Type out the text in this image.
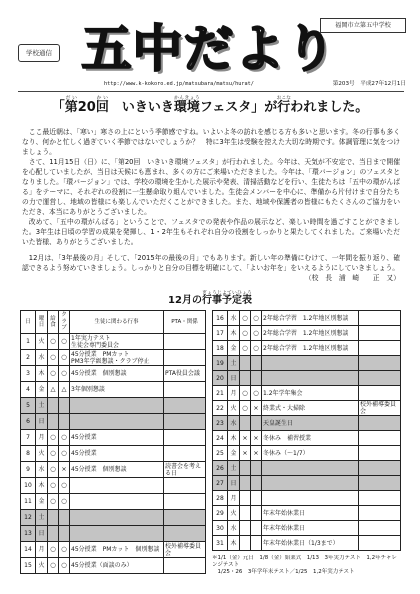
学校通信 五中だより
福岡市立第五中学校
http://www.k-kokoro.ed.jp/matsubara/matsu/hurat/	第203号　平成27年12月1日
「第だい20回かい　いきいき環境かんきょうフェスタ」が行おこなわれました。

ここ最近朝は、「寒い」寒さの上にという季節感ですね。いよいよ冬の訪れを感じる方も多いと思います。冬の行事も多くなり、何かと忙しく過ぎていく季節ではないでしょうか？　特に3年生は受験を控えた大切な時期です。体調管理に気をつけましょう。

さて、11月15日（日）に、「第20回　いきいき環境フェスタ」が行われました。今年は、天気が不安定で、当日まで開催を心配していましたが、当日は天候にも恵まれ、多くの方にご来場いただきました。今年は、「環バージョン」のフェスタとなりました。「環バージョン」では、学校の環境を生かした展示や発表、清掃活動などを行い、生徒たちは「五中の環がんばる」をテーマに、それぞれの役割に一生懸命取り組んでいました。生徒会メンバーを中心に、準備から片付けまで自分たちの力で運営し、地域の皆様にも楽しんでいただくことができました。また、地域や保護者の皆様にもたくさんのご協力をいただき、本当にありがとうございました。

改めて、「五中の環がんばる」ということで、フェスタでの発表や作品の展示など、楽しい時間を過ごすことができました。3年生は日頃の学習の成果を発揮し、1・2年生もそれぞれ自分の役割をしっかりと果たしてくれました。ご来場いただいた皆様、ありがとうございました。

12月は、「3年最後の月」そして、「2015年の最後の月」でもあります。新しい年の準備にむけて、一年間を振り返り、確認できるよう努めていきましょう。しっかりと自分の目標を明確にして、「よいお年を」をいえるようにしていきましょう。
（校　長　浦　崎　　正　又）

12月の行事ぎょうじ予定表よていひょう
日	曜日	給食	クラブ	生徒に関わる行事	PTA・関係
1	火	○	○	1年実力テスト
生徒会専門委員会	
2	水	○	○	45分授業　PMカット
PM3年学級懇談・クラブ停止	
3	木	○	○	45分授業　個別懇談	PTA役員会議
4	金	△	△	3年個別懇談	
5	土				
6	日				
7	月	○	○	45分授業	
8	火	○	○	45分授業	
9	水	○	×	45分授業　個別懇談	読書会を考える日
10	木	○	○		
11	金	○	○		
12	土				
13	日				
14	月	○	○	45分授業　PMカット　個別懇談	校外補導委員会
15	火	○	○	45分授業（面談のみ）	
16	水	○	○	2年総合学習　1.2年地区別懇談	
17	木	○	○	2年総合学習　1.2年地区別懇談	
18	金	○	○	2年総合学習　1.2年地区別懇談	
19	土				
20	日				
21	月	○	○	1.2年学年集会	
22	火	○	×	終業式・大掃除	校外補導委員会
23	水			天皇誕生日	
24	木	×	×	冬休み　補習授業	
25	金	×	×	冬休み（〜1/7）	
26	土				
27	日				
28	月				
29	火			年末年始休業日	
30	水			年末年始休業日	
31	木			年末年始休業日（1/3まで）	
＊1/1（金）元日　1/8（金）始業式　1/13　3年実力テスト　1,2年チャレンジテスト
　1/25・26　3年学年末テスト／1/25　1,2年実力テスト
